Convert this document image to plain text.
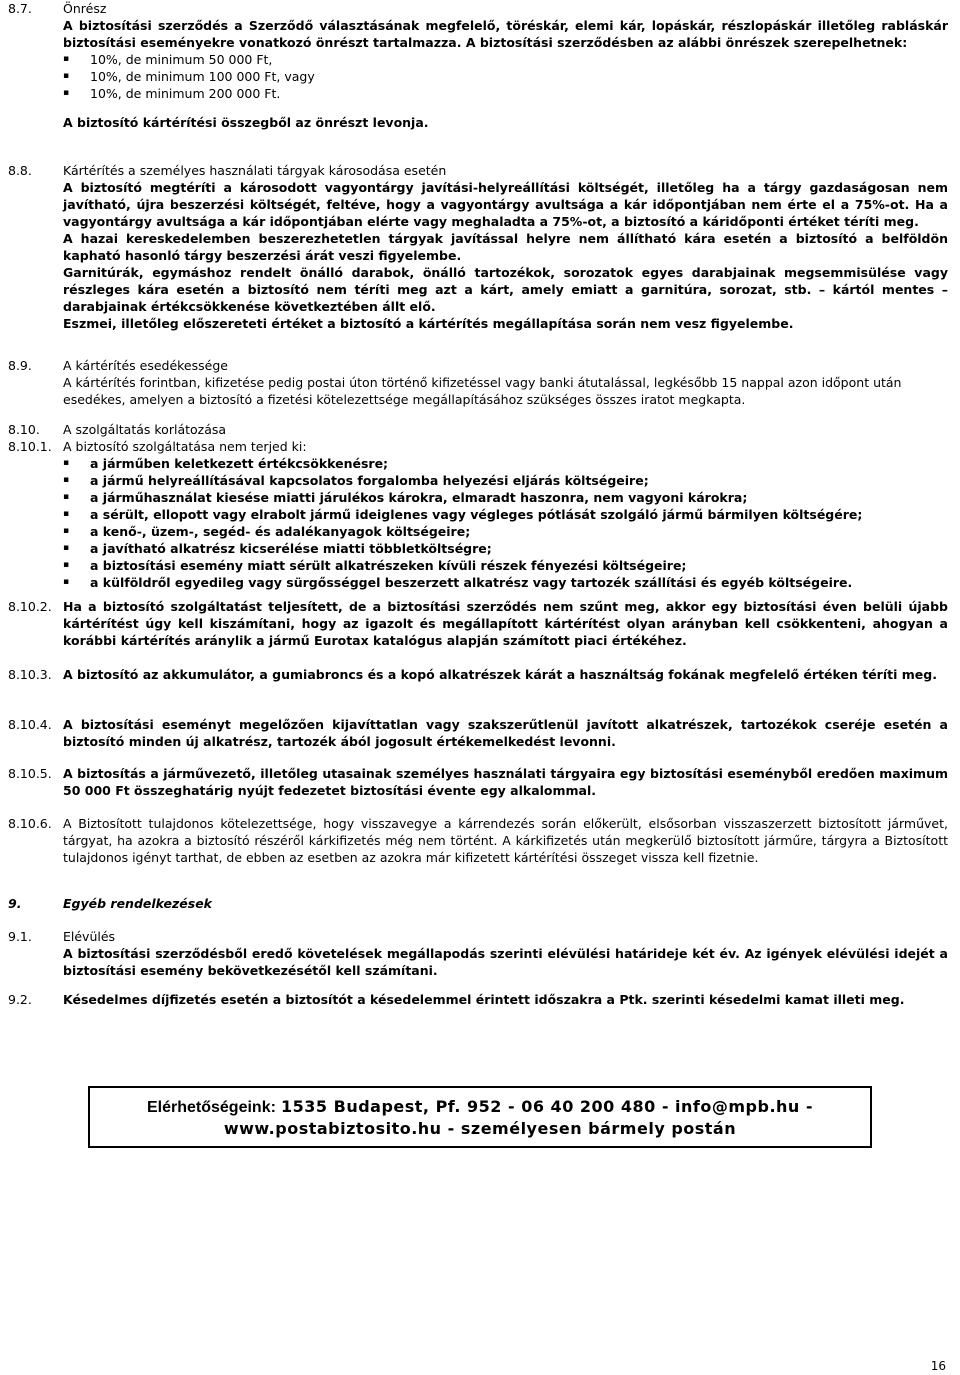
8.7. Önrész

A biztosítási szerződés a Szerződő választásának megfelelő, töréskár, elemi kár, lopáskár, részlopáskár illetőleg rabláskár biztosítási eseményekre vonatkozó önrészt tartalmazza. A biztosítási szerződésben az alábbi önrészek szerepelhetnek:

▪ 10%, de minimum 50 000 Ft,
▪ 10%, de minimum 100 000 Ft, vagy
▪ 10%, de minimum 200 000 Ft.

A biztosító kártérítési összegből az önrészt levonja.

8.8. Kártérítés a személyes használati tárgyak károsodása esetén

A biztosító megtéríti a károsodott vagyontárgy javítási-helyreállítási költségét, illetőleg ha a tárgy gazdaságosan nem javítható, újra beszerzési költségét, feltéve, hogy a vagyontárgy avultsága a kár időpontjában nem érte el a 75%-ot. Ha a vagyontárgy avultsága a kár időpontjában elérte vagy meghaladta a 75%-ot, a biztosító a káridőponti értéket téríti meg.

A hazai kereskedelemben beszerezhetetlen tárgyak javítással helyre nem állítható kára esetén a biztosító a belföldön kapható hasonló tárgy beszerzési árát veszi figyelembe.

Garnitúrák, egymáshoz rendelt önálló darabok, önálló tartozékok, sorozatok egyes darabjainak megsemmisülése vagy részleges kára esetén a biztosító nem téríti meg azt a kárt, amely emiatt a garnitúra, sorozat, stb. – kártól mentes – darabjainak értékcsökkenése következtében állt elő.

Eszmei, illetőleg előszereteti értéket a biztosító a kártérítés megállapítása során nem vesz figyelembe.

8.9. A kártérítés esedékessége

A kártérítés forintban, kifizetése pedig postai úton történő kifizetéssel vagy banki átutalással, legkésőbb 15 nappal azon időpont után esedékes, amelyen a biztosító a fizetési kötelezettsége megállapításához szükséges összes iratot megkapta.

8.10. A szolgáltatás korlátozása

8.10.1. A biztosító szolgáltatása nem terjed ki:

▪ a járműben keletkezett értékcsökkenésre;
▪ a jármű helyreállításával kapcsolatos forgalomba helyezési eljárás költségeire;
▪ a járműhasználat kiesése miatti járulékos károkra, elmaradt haszonra, nem vagyoni károkra;
▪ a sérült, ellopott vagy elrabolt jármű ideiglenes vagy végleges pótlását szolgáló jármű bármilyen költségére;
▪ a kenő-, üzem-, segéd- és adalékanyagok költségeire;
▪ a javítható alkatrész kicserélése miatti többletköltségre;
▪ a biztosítási esemény miatt sérült alkatrészeken kívüli részek fényezési költségeire;
▪ a külföldről egyedileg vagy sürgősséggel beszerzett alkatrész vagy tartozék szállítási és egyéb költségeire.
8.10.2. Ha a biztosító szolgáltatást teljesített, de a biztosítási szerződés nem szűnt meg, akkor egy biztosítási éven belüli újabb kártérítést úgy kell kiszámítani, hogy az igazolt és megállapított kártérítést olyan arányban kell csökkenteni, ahogyan a korábbi kártérítés aránylik a jármű Eurotax katalógus alapján számított piaci értékéhez.

8.10.3. A biztosító az akkumulátor, a gumiabroncs és a kopó alkatrészek kárát a használtság fokának megfelelő értéken téríti meg.

8.10.4. A biztosítási eseményt megelőzően kijavíttatlan vagy szakszerűtlenül javított alkatrészek, tartozékok cseréje esetén a biztosító minden új alkatrész, tartozék ából jogosult értékemelkedést levonni.

8.10.5. A biztosítás a járművezető, illetőleg utasainak személyes használati tárgyaira egy biztosítási eseményből eredően maximum 50 000 Ft összeghatárig nyújt fedezetet biztosítási évente egy alkalommal.

8.10.6. A Biztosított tulajdonos kötelezettsége, hogy visszavegye a kárrendezés során előkerült, elsősorban visszaszerzett biztosított járművet, tárgyat, ha azokra a biztosító részéről kárkifizetés még nem történt. A kárkifizetés után megkerülő biztosított járműre, tárgyra a Biztosított tulajdonos igényt tarthat, de ebben az esetben az azokra már kifizetett kártérítési összeget vissza kell fizetnie.

9.	Egyéb rendelkezések

9.1. Elévülés

A biztosítási szerződésből eredő követelések megállapodás szerinti elévülési határideje két év. Az igények elévülési idejét a biztosítási esemény bekövetkezésétől kell számítani.

9.2. Késedelmes díjfizetés esetén a biztosítót a késedelemmel érintett időszakra a Ptk. szerinti késedelmi kamat illeti meg.

Elérhetőségeink: 1535 Budapest, Pf. 952 - 06 40 200 480 - info@mpb.hu -
www.postabiztosito.hu - személyesen bármely postán
16
